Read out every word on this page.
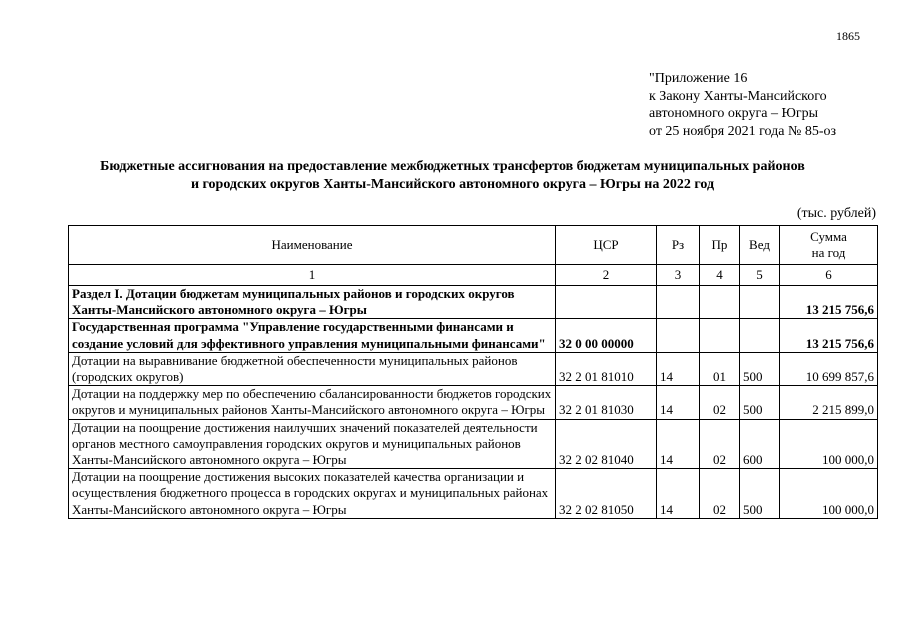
1865
"Приложение 16
к Закону Ханты-Мансийского
автономного округа – Югры
от 25 ноября 2021 года № 85-оз
Бюджетные ассигнования на предоставление межбюджетных трансфертов бюджетам муниципальных районов
и городских округов Ханты-Мансийского автономного округа – Югры на 2022 год
(тыс. рублей)
Наименование	ЦСР	Рз	Пр	Вед	Сумма
на год

1	2	3	4	5	6
Раздел I. Дотации бюджетам муниципальных районов и городских округов Ханты-Мансийского автономного округа – Югры					13 215 756,6
Государственная программа "Управление государственными финансами и создание условий для эффективного управления муниципальными финансами"	32 0 00 00000				13 215 756,6
Дотации на выравнивание бюджетной обеспеченности муниципальных районов (городских округов)	32 2 01 81010	14	01	500	10 699 857,6
Дотации на поддержку мер по обеспечению сбалансированности бюджетов городских округов и муниципальных районов Ханты-Мансийского автономного округа – Югры	32 2 01 81030	14	02	500	2 215 899,0
Дотации на поощрение достижения наилучших значений показателей деятельности органов местного самоуправления городских округов и муниципальных районов Ханты-Мансийского автономного округа – Югры	32 2 02 81040	14	02	600	100 000,0
Дотации на поощрение достижения высоких показателей качества организации и осуществления бюджетного процесса в городских округах и муниципальных районах Ханты-Мансийского автономного округа – Югры	32 2 02 81050	14	02	500	100 000,0
